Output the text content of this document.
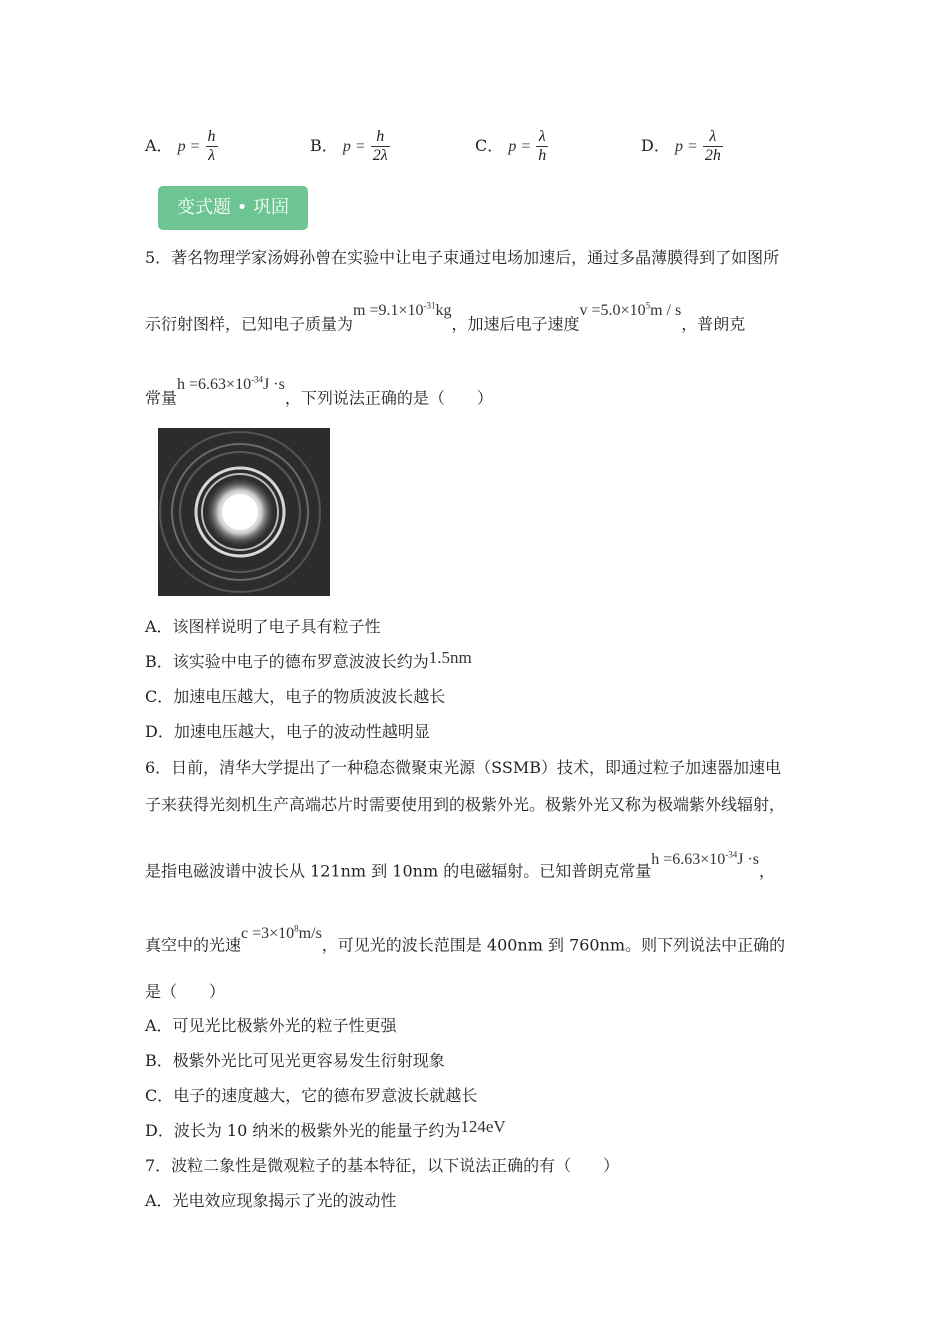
A． $p = \frac{h}{\lambda}$	B． $p = \frac{h}{2\lambda}$	C． $p = \frac{\lambda}{h}$	D． $p = \frac{\lambda}{2h}$
变式题 • 巩固
5．著名物理学家汤姆孙曾在实验中让电子束通过电场加速后，通过多晶薄膜得到了如图所
示衍射图样，已知电子质量为$m =9.1\times 10^{-31}kg$，加速后电子速度$v =5.0\times 10^5m / s$，普朗克
常量$h =6.63\times 10^{-34}J \cdot s$，下列说法正确的是（　　）
A．该图样说明了电子具有粒子性
B．该实验中电子的德布罗意波波长约为1.5nm
C．加速电压越大，电子的物质波波长越长
D．加速电压越大，电子的波动性越明显
6．日前，清华大学提出了一种稳态微聚束光源（SSMB）技术，即通过粒子加速器加速电
子来获得光刻机生产高端芯片时需要使用到的极紫外光。极紫外光又称为极端紫外线辐射，
是指电磁波谱中波长从 121nm 到 10nm 的电磁辐射。已知普朗克常量$h =6.63\times 10^{-34}J \cdot s$，
真空中的光速$c =3\times 10^8m/s$，可见光的波长范围是 400nm 到 760nm。则下列说法中正确的
是（　　）
A．可见光比极紫外光的粒子性更强
B．极紫外光比可见光更容易发生衍射现象
C．电子的速度越大，它的德布罗意波长就越长
D．波长为 10 纳米的极紫外光的能量子约为124eV
7．波粒二象性是微观粒子的基本特征，以下说法正确的有（　　）
A．光电效应现象揭示了光的波动性
